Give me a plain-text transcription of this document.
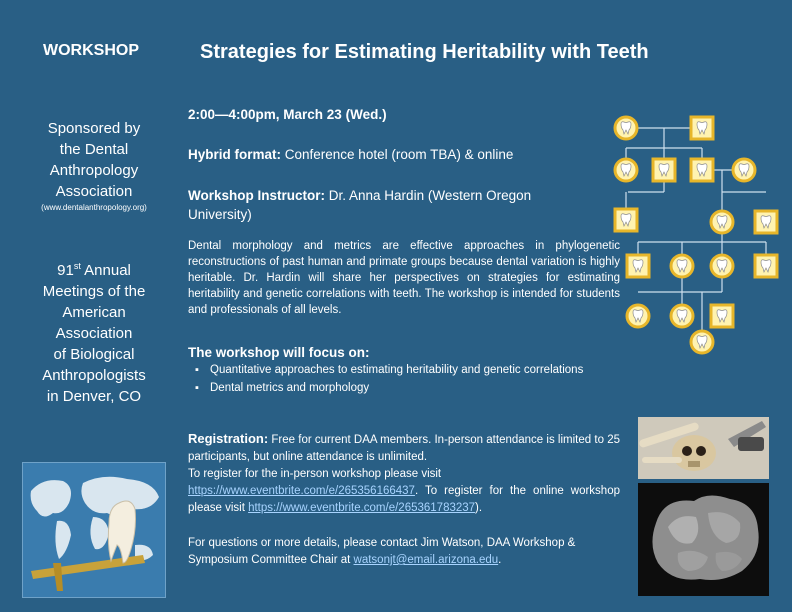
WORKSHOP	Strategies for Estimating Heritability with Teeth
Sponsored by
the Dental
Anthropology
Association
(www.dentalanthropology.org)
91st Annual
Meetings of the
American
Association
of Biological
Anthropologists
in Denver, CO
2:00—4:00pm, March 23 (Wed.)
Hybrid format: Conference hotel (room TBA) & online
Workshop Instructor: Dr. Anna Hardin (Western Oregon University)
Dental morphology and metrics are effective approaches in phylogenetic reconstructions of past human and primate groups because dental variation is highly heritable. Dr. Hardin will share her perspectives on strategies for estimating heritability and genetic correlations with teeth. The workshop is intended for students and professionals of all levels.
The workshop will focus on:
▪ Quantitative approaches to estimating heritability and genetic correlations
▪ Dental metrics and morphology
Registration: Free for current DAA members. In-person attendance is limited to 25 participants, but online attendance is unlimited.
To register for the in-person workshop please visit
https://www.eventbrite.com/e/265356166437. To register for the online workshop please visit https://www.eventbrite.com/e/265361783237).
For questions or more details, please contact Jim Watson, DAA Workshop & Symposium Committee Chair at watsonjt@email.arizona.edu.
